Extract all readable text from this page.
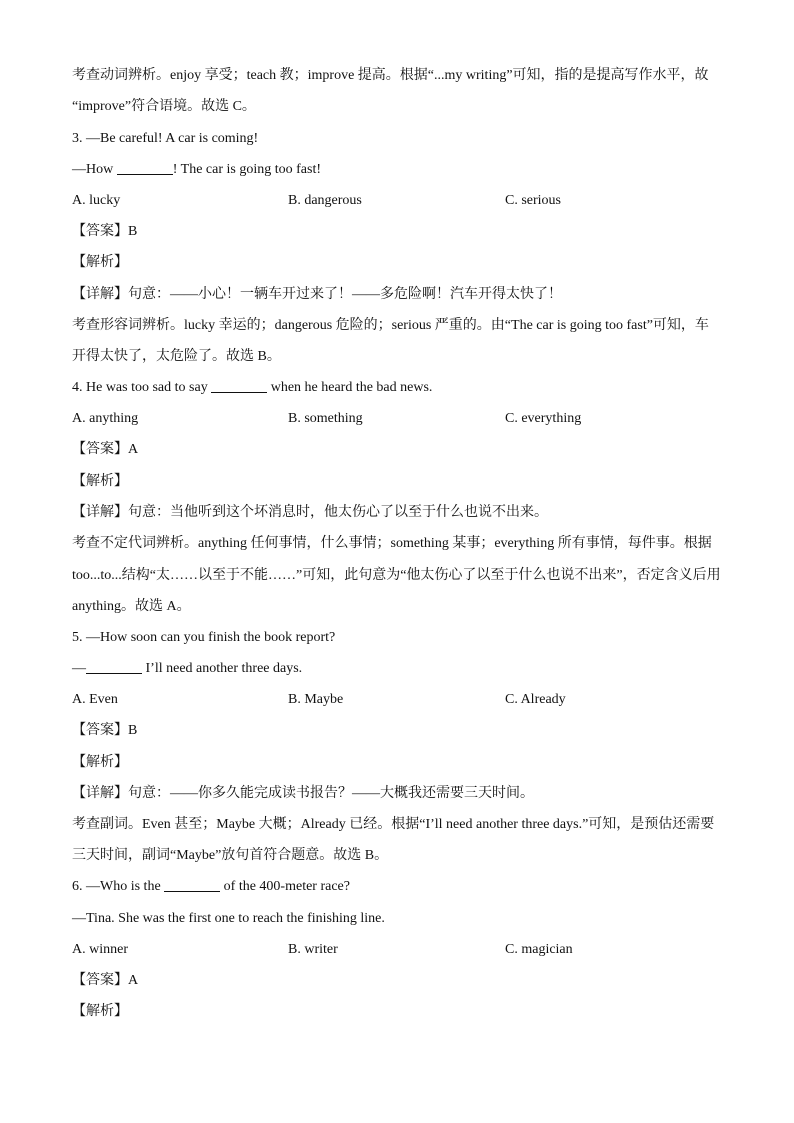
考查动词辨析。enjoy 享受；teach 教；improve 提高。根据“...my writing”可知，指的是提高写作水平，故
“improve”符合语境。故选 C。
3. —Be careful! A car is coming!
—How	! The car is going too fast!
A. lucky	B. dangerous	C. serious
【答案】B
【解析】
【详解】句意：——小心！一辆车开过来了！——多危险啊！汽车开得太快了！
考查形容词辨析。lucky 幸运的；dangerous 危险的；serious 严重的。由“The car is going too fast”可知，车
开得太快了，太危险了。故选 B。
4. He was too sad to say	when he heard the bad news.
A. anything	B. something	C. everything
【答案】A
【解析】
【详解】句意：当他听到这个坏消息时，他太伤心了以至于什么也说不出来。
考查不定代词辨析。anything 任何事情，什么事情；something 某事；everything 所有事情，每件事。根据
too...to...结构“太……以至于不能……”可知，此句意为“他太伤心了以至于什么也说不出来”，否定含义后用
anything。故选 A。
5. —How soon can you finish the book report?
—	I’ll need another three days.
A. Even	B. Maybe	C. Already
【答案】B
【解析】
【详解】句意：——你多久能完成读书报告？——大概我还需要三天时间。
考查副词。Even 甚至；Maybe 大概；Already 已经。根据“I’ll need another three days.”可知，是预估还需要
三天时间，副词“Maybe”放句首符合题意。故选 B。
6. —Who is the	of the 400-meter race?
—Tina. She was the first one to reach the finishing line.
A. winner	B. writer	C. magician
【答案】A
【解析】
